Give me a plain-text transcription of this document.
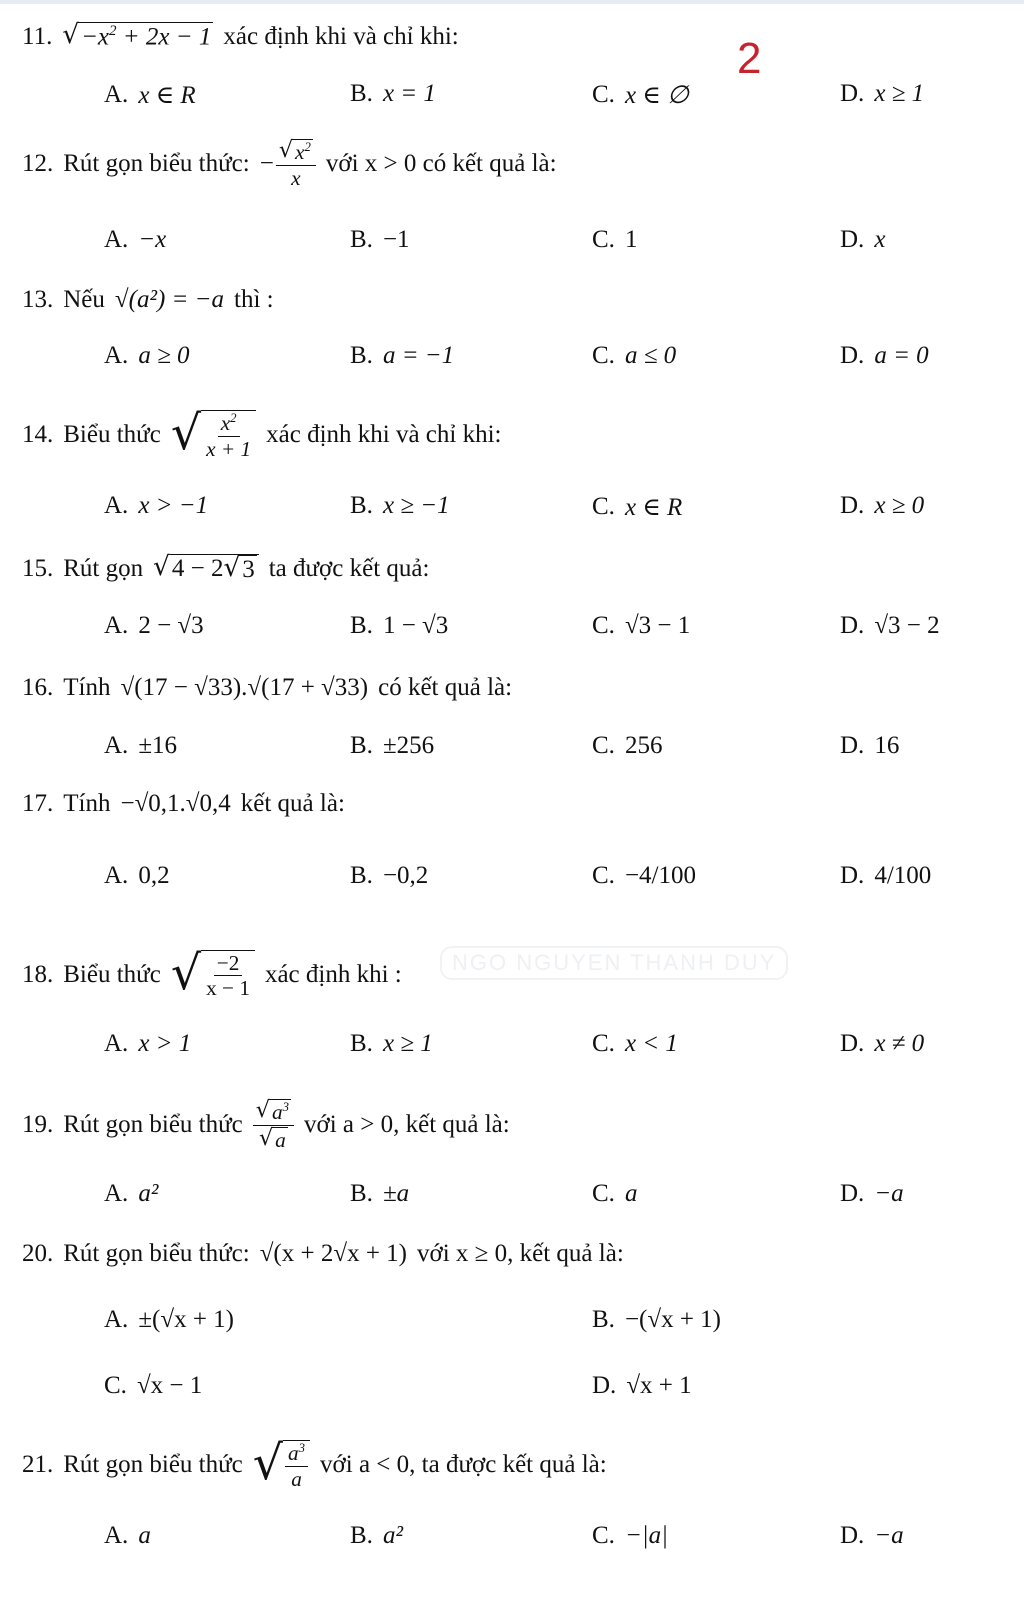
2
NGO NGUYEN THANH DUY
11. √ $-x^2 + 2x - 1$ xác định khi và chỉ khi:
A. x ∈ R	B. x = 1	C. x ∈ ∅	D. x ≥ 1
12. Rút gọn biểu thức: − $\frac{√ x^2}{x}$ với x > 0 có kết quả là:
A. −x	B. −1	C. 1	D. x
13. Nếu √(a²) = −a thì :
A. a ≥ 0	B. a = −1	C. a ≤ 0	D. a = 0
14. Biểu thức √ $\frac{x^2}{x + 1}$ xác định khi và chỉ khi:
A. x > −1	B. x ≥ −1	C. x ∈ R	D. x ≥ 0
15. Rút gọn √ 4 − 2 √ 3 ta được kết quả:
A. 2 − √3	B. 1 − √3	C. √3 − 1	D. √3 − 2
16. Tính √(17 − √33).√(17 + √33) có kết quả là:
A. ±16	B. ±256	C. 256	D. 16
17. Tính −√0,1.√0,4 kết quả là:
A. 0,2	B. −0,2	C. −4/100	D. 4/100
18. Biểu thức √ $\frac{-2}{x - 1}$ xác định khi :
A. x > 1	B. x ≥ 1	C. x < 1	D. x ≠ 0
19. Rút gọn biểu thức $\frac{√ a^3}{√ a}$ với a > 0, kết quả là:
A. a²	B. ±a	C. a	D. −a
20. Rút gọn biểu thức: √(x + 2√x + 1) với x ≥ 0, kết quả là:
A. ±(√x + 1)	B. −(√x + 1)
C. √x − 1	D. √x + 1
21. Rút gọn biểu thức √ $\frac{a^3}{a}$ với a < 0, ta được kết quả là:
A. a	B. a²	C. −|a|	D. −a
